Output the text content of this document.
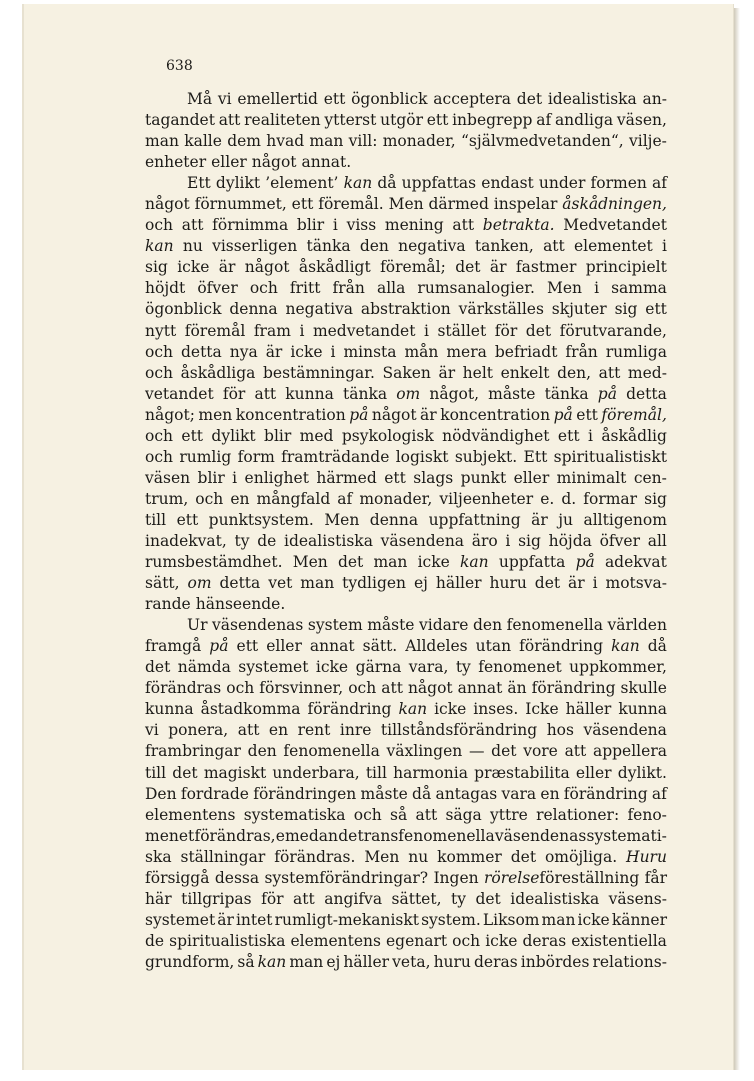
638
Må vi emellertid ett ögonblick acceptera det idealistiska an-
tagandet att realiteten ytterst utgör ett inbegrepp af andliga väsen,
man kalle dem hvad man vill: monader, “självmedvetanden“, vilje-
enheter eller något annat.
Ett dylikt ’element’ kan då uppfattas endast under formen af
något förnummet, ett föremål. Men därmed inspelar åskådningen,
och att förnimma blir i viss mening att betrakta. Medvetandet
kan nu visserligen tänka den negativa tanken, att elementet i
sig icke är något åskådligt föremål; det är fastmer principielt
höjdt öfver och fritt från alla rumsanalogier. Men i samma
ögonblick denna negativa abstraktion värkställes skjuter sig ett
nytt föremål fram i medvetandet i stället för det förutvarande,
och detta nya är icke i minsta mån mera befriadt från rumliga
och åskådliga bestämningar. Saken är helt enkelt den, att med-
vetandet för att kunna tänka om något, måste tänka på detta
något; men koncentration på något är koncentration på ett föremål,
och ett dylikt blir med psykologisk nödvändighet ett i åskådlig
och rumlig form framträdande logiskt subjekt. Ett spiritualistiskt
väsen blir i enlighet härmed ett slags punkt eller minimalt cen-
trum, och en mångfald af monader, viljeenheter e. d. formar sig
till ett punktsystem. Men denna uppfattning är ju alltigenom
inadekvat, ty de idealistiska väsendena äro i sig höjda öfver all
rumsbestämdhet. Men det man icke kan uppfatta på adekvat
sätt, om detta vet man tydligen ej häller huru det är i motsva-
rande hänseende.
Ur väsendenas system måste vidare den fenomenella världen
framgå på ett eller annat sätt. Alldeles utan förändring kan då
det nämda systemet icke gärna vara, ty fenomenet uppkommer,
förändras och försvinner, och att något annat än förändring skulle
kunna åstadkomma förändring kan icke inses. Icke häller kunna
vi ponera, att en rent inre tillståndsförändring hos väsendena
frambringar den fenomenella växlingen — det vore att appellera
till det magiskt underbara, till harmonia præstabilita eller dylikt.
Den fordrade förändringen måste då antagas vara en förändring af
elementens systematiska och så att säga yttre relationer: feno-
menet förändras, emedan de transfenomenella väsendenas systemati-
ska ställningar förändras. Men nu kommer det omöjliga. Huru
försiggå dessa systemförändringar? Ingen rörelseföreställning får
här tillgripas för att angifva sättet, ty det idealistiska väsens-
systemet är intet rumligt-mekaniskt system. Liksom man icke känner
de spiritualistiska elementens egenart och icke deras existentiella
grundform, så kan man ej häller veta, huru deras inbördes relations-
